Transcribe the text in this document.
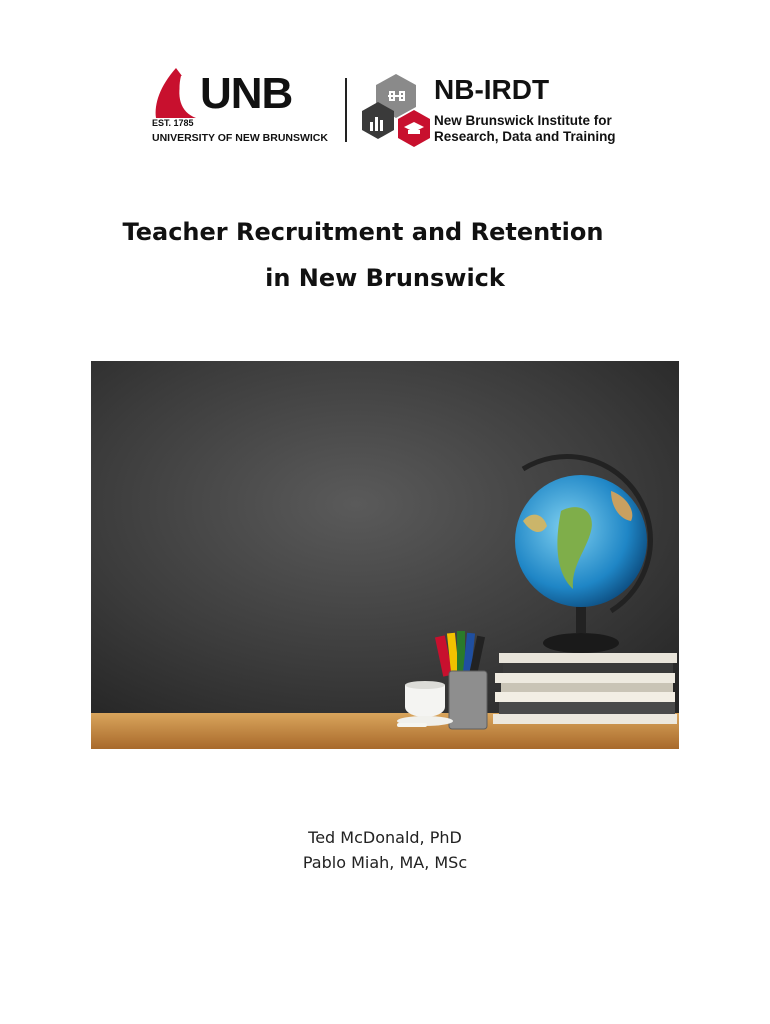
UNB
EST. 1785
UNIVERSITY OF NEW BRUNSWICK
NB-IRDT
New Brunswick Institute for
Research, Data and Training
Teacher Recruitment and Retention
in New Brunswick
Ted McDonald, PhD
Pablo Miah, MA, MSc
